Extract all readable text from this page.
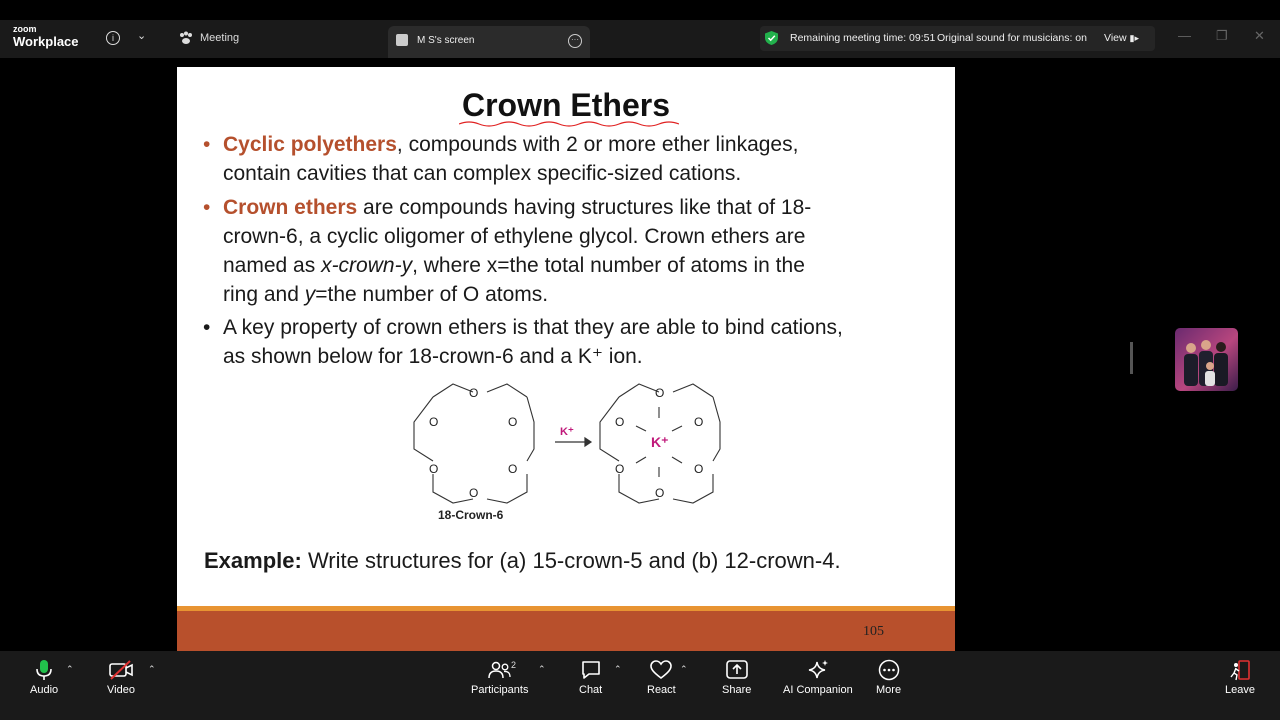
zoom
Workplace	i	⌄	Meeting	M S's screen	···	Remaining meeting time: 09:51 Original sound for musicians: on View ▮▸	— ❐ ✕
Crown Ethers
• Cyclic polyethers, compounds with 2 or more ether linkages,
contain cavities that can complex specific-sized cations.
• Crown ethers are compounds having structures like that of 18-
crown-6, a cyclic oligomer of ethylene glycol. Crown ethers are
named as x-crown-y, where x=the total number of atoms in the
ring and y=the number of O atoms.
• A key property of crown ethers is that they are able to bind cations,
as shown below for 18-crown-6 and a K⁺ ion.
O
O	O
O	O
O
O
O	O
O	O
O
K⁺
K⁺
18-Crown-6
Example: Write structures for (a) 15-crown-5 and (b) 12-crown-4.
105
Audio
⌃
Video
⌃
Participants
2 ⌃
Chat
⌃
React
⌃
Share	AI Companion More	Leave
